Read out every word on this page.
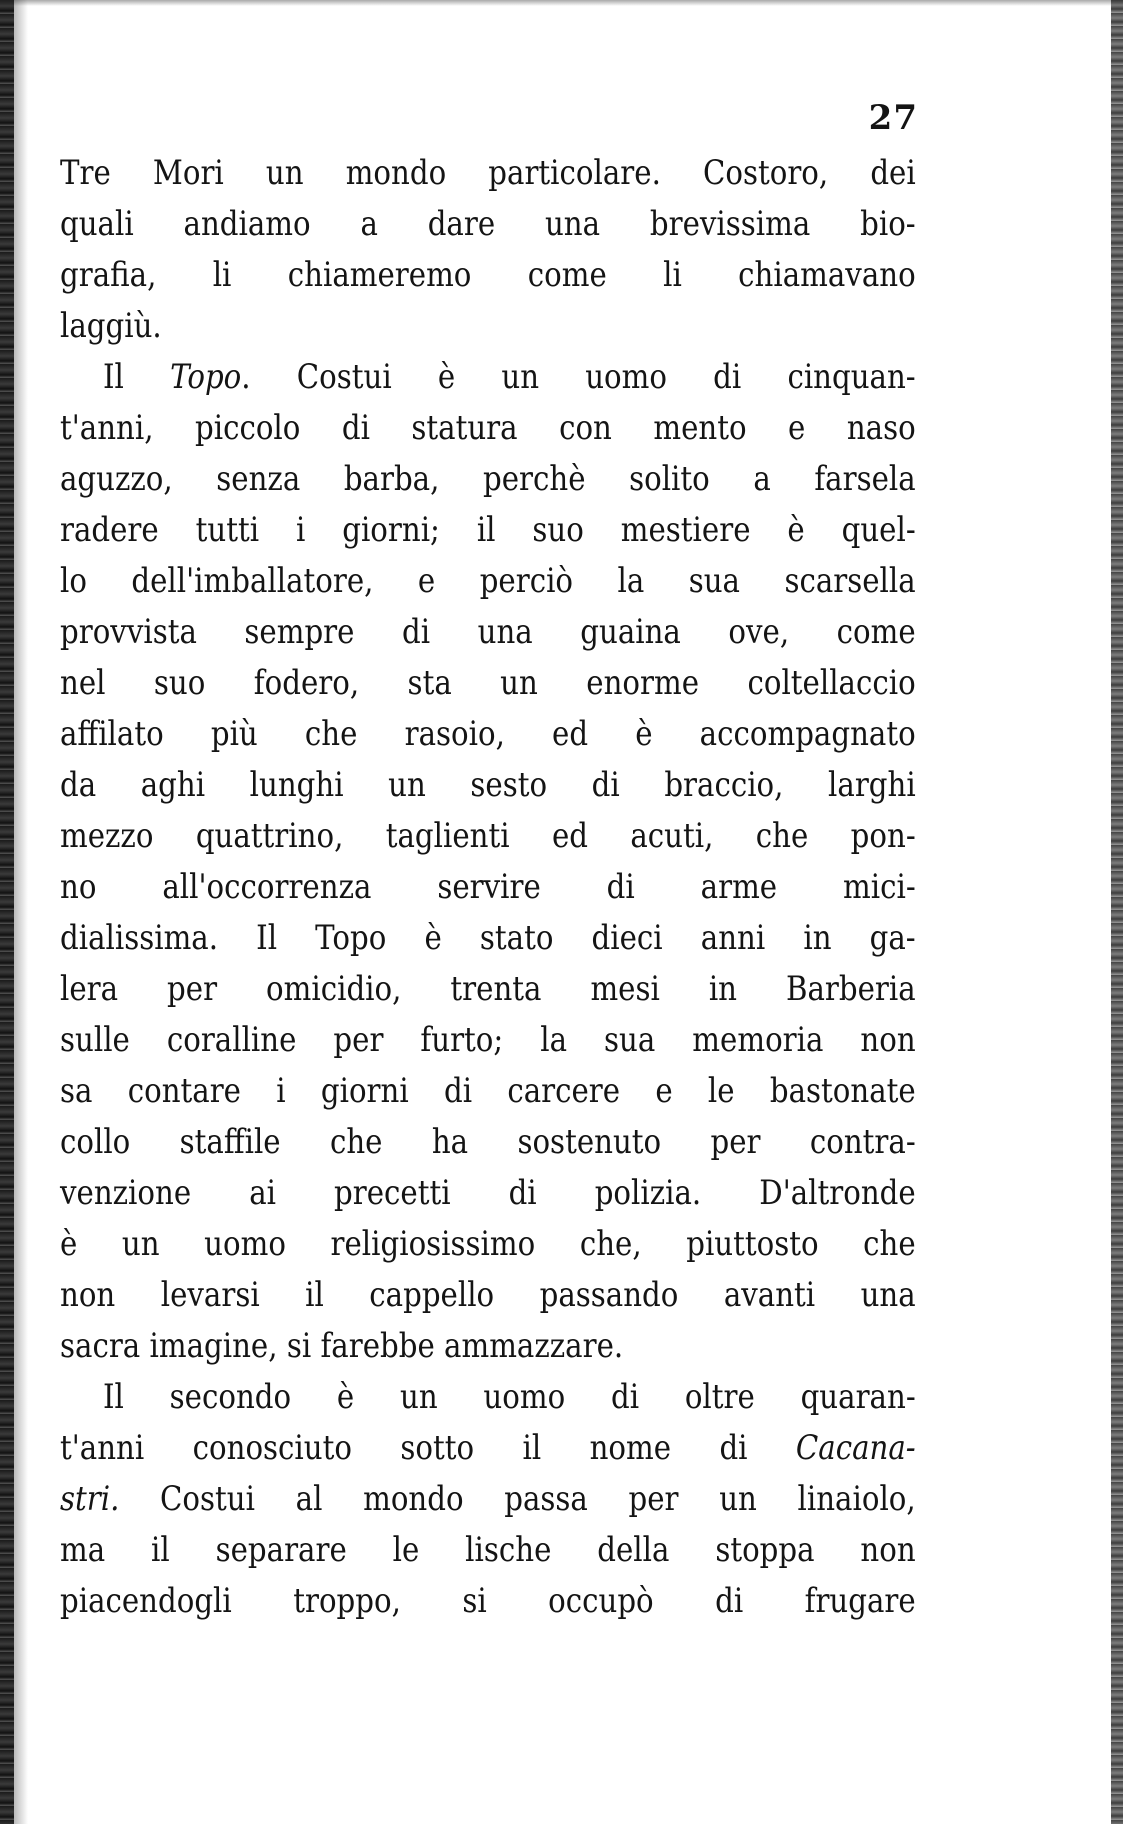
27
Tre Mori un mondo particolare. Costoro, dei
quali andiamo a dare una brevissima bio-
grafia, li chiameremo come li chiamavano
laggiù.
Il Topo. Costui è un uomo di cinquan-
t'anni, piccolo di statura con mento e naso
aguzzo, senza barba, perchè solito a farsela
radere tutti i giorni; il suo mestiere è quel-
lo dell'imballatore, e perciò la sua scarsella
provvista sempre di una guaina ove, come
nel suo fodero, sta un enorme coltellaccio
affilato più che rasoio, ed è accompagnato
da aghi lunghi un sesto di braccio, larghi
mezzo quattrino, taglienti ed acuti, che pon-
no all'occorrenza servire di arme mici-
dialissima. Il Topo è stato dieci anni in ga-
lera per omicidio, trenta mesi in Barberia
sulle coralline per furto; la sua memoria non
sa contare i giorni di carcere e le bastonate
collo staffile che ha sostenuto per contra-
venzione ai precetti di polizia. D'altronde
è un uomo religiosissimo che, piuttosto che
non levarsi il cappello passando avanti una
sacra imagine, si farebbe ammazzare.
Il secondo è un uomo di oltre quaran-
t'anni conosciuto sotto il nome di Cacana-
stri. Costui al mondo passa per un linaiolo,
ma il separare le lische della stoppa non
piacendogli troppo, si occupò di frugare
